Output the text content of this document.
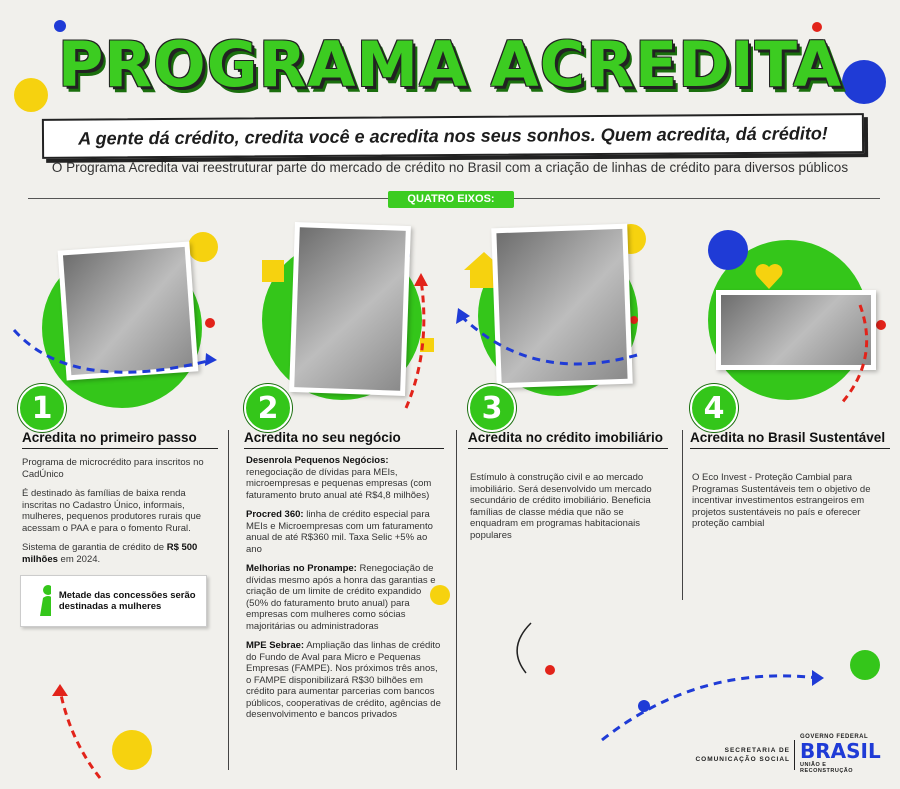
PROGRAMA ACREDITA
A gente dá crédito, credita você e acredita nos seus sonhos. Quem acredita, dá crédito!
O Programa Acredita vai reestruturar parte do mercado de crédito no Brasil com a criação de linhas de crédito para diversos públicos
QUATRO EIXOS:
1
Acredita no primeiro passo

Programa de microcrédito para inscritos no CadÚnico

É destinado às famílias de baixa renda inscritas no Cadastro Único, informais, mulheres, pequenos produtores rurais que acessam o PAA e para o fomento Rural.

Sistema de garantia de crédito de R$ 500 milhões em 2024.

Metade das concessões serão destinadas a mulheres
2
Acredita no seu negócio

Desenrola Pequenos Negócios: renegociação de dívidas para MEIs, microempresas e pequenas empresas (com faturamento bruto anual até R$4,8 milhões)

Procred 360: linha de crédito especial para MEIs e Microempresas com um faturamento anual de até R$360 mil. Taxa Selic +5% ao ano

Melhorias no Pronampe: Renegociação de dívidas mesmo após a honra das garantias e criação de um limite de crédito expandido (50% do faturamento bruto anual) para empresas com mulheres como sócias majoritárias ou administradoras

MPE Sebrae: Ampliação das linhas de crédito do Fundo de Aval para Micro e Pequenas Empresas (FAMPE). Nos próximos três anos, o FAMPE disponibilizará R$30 bilhões em crédito para aumentar parcerias com bancos públicos, cooperativas de crédito, agências de desenvolvimento e bancos privados

3
Acredita no crédito imobiliário

Estímulo à construção civil e ao mercado imobiliário. Será desenvolvido um mercado secundário de crédito imobiliário. Beneficia famílias de classe média que não se enquadram em programas habitacionais populares

4
Acredita no Brasil Sustentável

O Eco Invest - Proteção Cambial para Programas Sustentáveis tem o objetivo de incentivar investimentos estrangeiros em projetos sustentáveis no país e oferecer proteção cambial

SECRETARIA DE
COMUNICAÇÃO SOCIAL
GOVERNO FEDERAL
BRASIL
UNIÃO E RECONSTRUÇÃO
